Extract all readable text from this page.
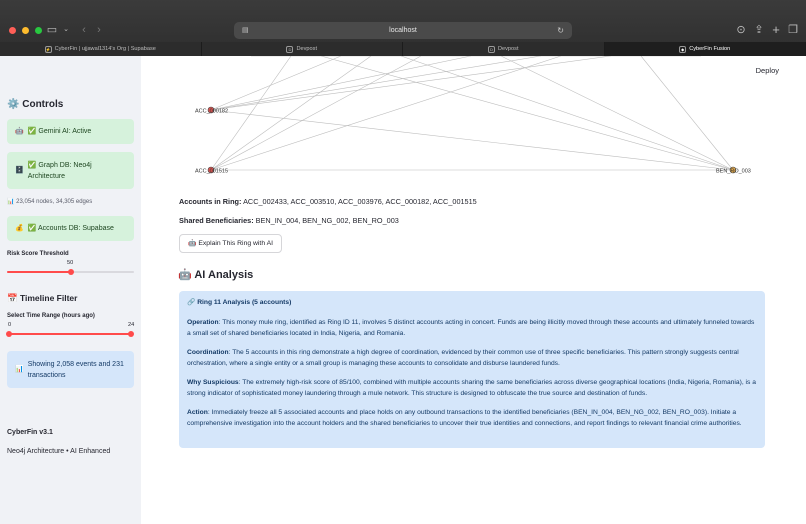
▭ ⌄	‹	›	▤	localhost	↻	⊙ ⇪ + ❐
⚡ CyberFin | ujjawal1314's Org | Supabase	D Devpost	D Devpost	◆ CyberFin Fusion
⚙️ Controls
🤖 ✅ Gemini AI: Active
🗄️
✅ Graph DB: Neo4j Architecture
📊 23,054 nodes, 34,305 edges
💰 ✅ Accounts DB: Supabase
Risk Score Threshold
50
📅 Timeline Filter
Select Time Range (hours ago)
0	24
📊
Showing 2,058 events and 231 transactions
CyberFin v3.1
Neo4j Architecture • AI Enhanced
Deploy
ACC_000182
ACC_001515	BEN_RO_003
Accounts in Ring: ACC_002433, ACC_003510, ACC_003976, ACC_000182, ACC_001515
Shared Beneficiaries: BEN_IN_004, BEN_NG_002, BEN_RO_003
🤖 Explain This Ring with AI
🤖 AI Analysis
🔗 Ring 11 Analysis (5 accounts)
Operation: This money mule ring, identified as Ring ID 11, involves 5 distinct accounts acting in concert. Funds are being illicitly moved through these accounts and ultimately funneled towards a small set of shared beneficiaries located in India, Nigeria, and Romania.
Coordination: The 5 accounts in this ring demonstrate a high degree of coordination, evidenced by their common use of three specific beneficiaries. This pattern strongly suggests central orchestration, where a single entity or a small group is managing these accounts to consolidate and disburse laundered funds.
Why Suspicious: The extremely high-risk score of 85/100, combined with multiple accounts sharing the same beneficiaries across diverse geographical locations (India, Nigeria, Romania), is a strong indicator of sophisticated money laundering through a mule network. This structure is designed to obfuscate the true source and destination of funds.
Action: Immediately freeze all 5 associated accounts and place holds on any outbound transactions to the identified beneficiaries (BEN_IN_004, BEN_NG_002, BEN_RO_003). Initiate a comprehensive investigation into the account holders and the shared beneficiaries to uncover their true identities and connections, and report findings to relevant financial crime authorities.
